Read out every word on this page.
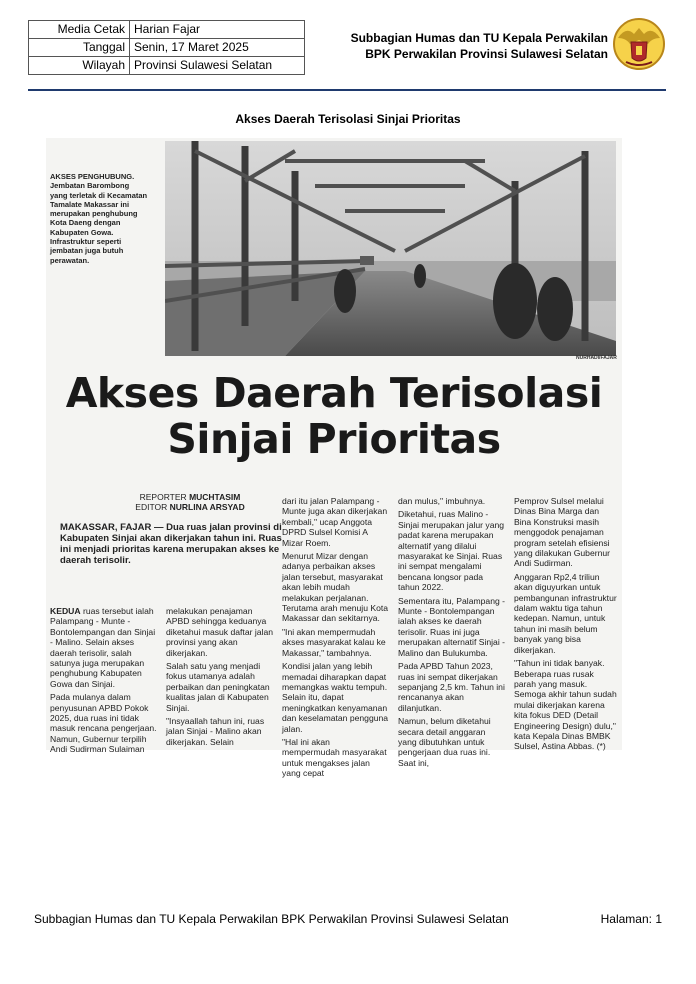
Media Cetak	Harian Fajar
Tanggal	Senin, 17 Maret 2025
Wilayah	Provinsi Sulawesi Selatan
Subbagian Humas dan TU Kepala Perwakilan
BPK Perwakilan Provinsi Sulawesi Selatan
Akses Daerah Terisolasi Sinjai Prioritas
AKSES PENGHUBUNG. Jembatan Barombong yang terletak di Kecamatan Tamalate Makassar ini merupakan penghubung Kota Daeng dengan Kabupaten Gowa. Infrastruktur seperti jembatan juga butuh perawatan.
NURHADI/FAJAR
Akses Daerah Terisolasi
Sinjai Prioritas
REPORTER MUCHTASIM
EDITOR NURLINA ARSYAD
MAKASSAR, FAJAR — Dua ruas jalan provinsi di Kabupaten Sinjai akan dikerjakan tahun ini. Ruas ini menjadi prioritas karena merupakan akses ke daerah terisolir.

KEDUA ruas tersebut ialah Palampang - Munte - Bontolempangan dan Sinjai - Malino. Selain akses daerah terisolir, salah satunya juga merupakan penghubung Kabupaten Gowa dan Sinjai.

Pada mulanya dalam penyusunan APBD Pokok 2025, dua ruas ini tidak masuk rencana pengerjaan. Namun, Gubernur terpilih Andi Sudirman Sulaiman

melakukan penajaman APBD sehingga keduanya diketahui masuk daftar jalan provinsi yang akan dikerjakan.

Salah satu yang menjadi fokus utamanya adalah perbaikan dan peningkatan kualitas jalan di Kabupaten Sinjai.

"Insyaallah tahun ini, ruas jalan Sinjai - Malino akan dikerjakan. Selain

dari itu jalan Palampang - Munte juga akan dikerjakan kembali," ucap Anggota DPRD Sulsel Komisi A Mizar Roem.

Menurut Mizar dengan adanya perbaikan akses jalan tersebut, masyarakat akan lebih mudah melakukan perjalanan. Terutama arah menuju Kota Makassar dan sekitarnya.

"Ini akan mempermudah akses masyarakat kalau ke Makassar," tambahnya.

Kondisi jalan yang lebih memadai diharapkan dapat memangkas waktu tempuh. Selain itu, dapat meningkatkan kenyamanan dan keselamatan pengguna jalan.

"Hal ini akan mempermudah masyarakat untuk mengakses jalan yang cepat

dan mulus," imbuhnya.

Diketahui, ruas Malino - Sinjai merupakan jalur yang padat karena merupakan alternatif yang dilalui masyarakat ke Sinjai. Ruas ini sempat mengalami bencana longsor pada tahun 2022.

Sementara itu, Palampang - Munte - Bontolempangan ialah akses ke daerah terisolir. Ruas ini juga merupakan alternatif Sinjai - Malino dan Bulukumba.

Pada APBD Tahun 2023, ruas ini sempat dikerjakan sepanjang 2,5 km. Tahun ini rencananya akan dilanjutkan.

Namun, belum diketahui secara detail anggaran yang dibutuhkan untuk pengerjaan dua ruas ini. Saat ini,

Pemprov Sulsel melalui Dinas Bina Marga dan Bina Konstruksi masih menggodok penajaman program setelah efisiensi yang dilakukan Gubernur Andi Sudirman.

Anggaran Rp2,4 triliun akan diguyurkan untuk pembangunan infrastruktur dalam waktu tiga tahun kedepan. Namun, untuk tahun ini masih belum banyak yang bisa dikerjakan.

"Tahun ini tidak banyak. Beberapa ruas rusak parah yang masuk. Semoga akhir tahun sudah mulai dikerjakan karena kita fokus DED (Detail Engineering Design) dulu," kata Kepala Dinas BMBK Sulsel, Astina Abbas. (*)

Subbagian Humas dan TU Kepala Perwakilan BPK Perwakilan Provinsi Sulawesi Selatan	Halaman: 1
